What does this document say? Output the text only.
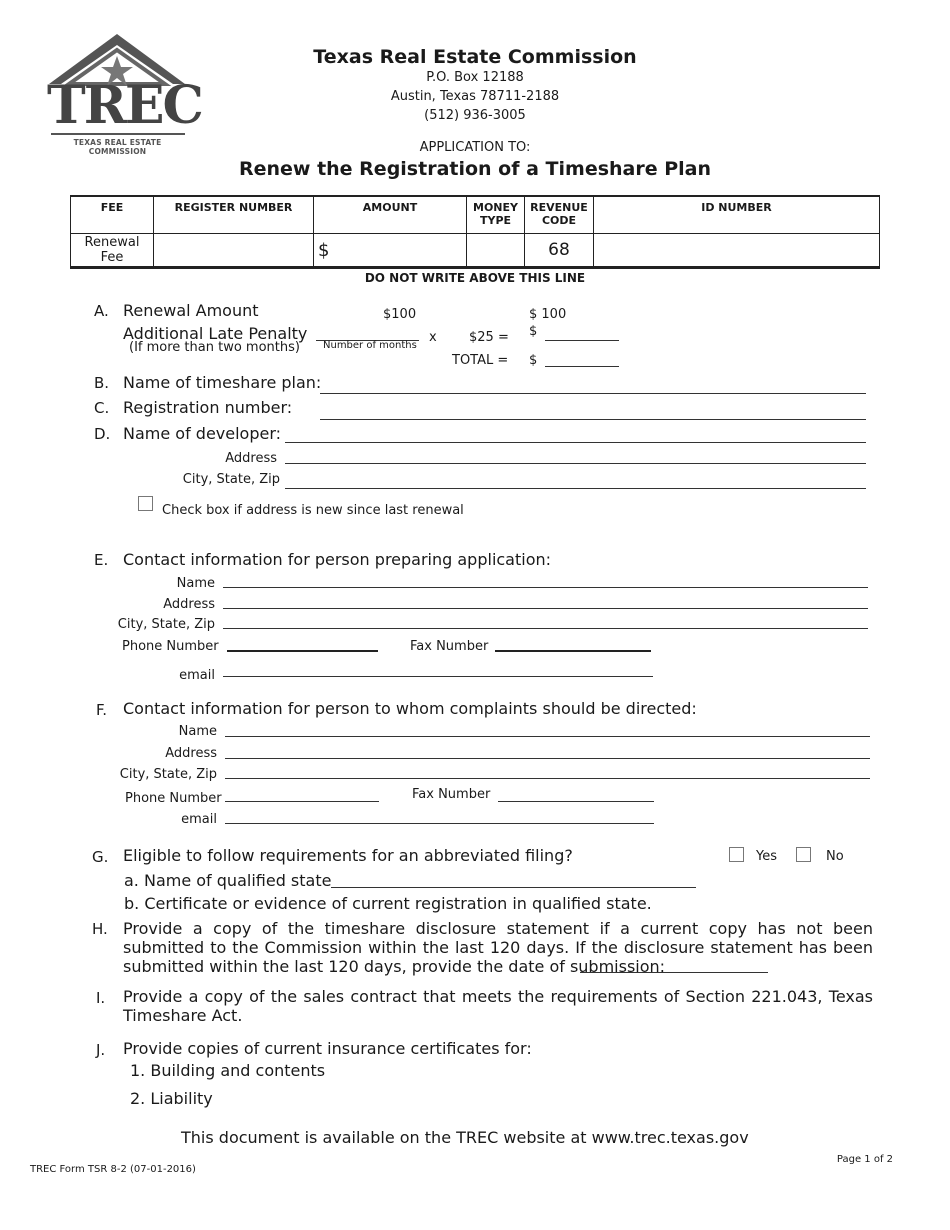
TREC
TEXAS REAL ESTATE COMMISSION
Texas Real Estate Commission
P.O. Box 12188
Austin, Texas 78711-2188
(512) 936-3005
APPLICATION TO:
Renew the Registration of a Timeshare Plan
FEE	REGISTER NUMBER	AMOUNT	MONEY TYPE	REVENUE CODE	ID NUMBER
Renewal Fee		$		68	
DO NOT WRITE ABOVE THIS LINE
A. Renewal Amount	$100	$ 100
Additional Late Penalty
(If more than two months) Number of months
x $25 = $
TOTAL = $
B. Name of timeshare plan:
C. Registration number:
D. Name of developer:
Address
City, State, Zip
Check box if address is new since last renewal
E. Contact information for person preparing application:
Name
Address
City, State, Zip
Phone Number	Fax Number
email
F. Contact information for person to whom complaints should be directed:
Name
Address
City, State, Zip
Phone Number	Fax Number
email
G. Eligible to follow requirements for an abbreviated filing?	Yes	No
a. Name of qualified state
b. Certificate or evidence of current registration in qualified state.
H. Provide a copy of the timeshare disclosure statement if a current copy has not been submitted to the Commission within the last 120 days. If the disclosure statement has been submitted within the last 120 days, provide the date of submission:
I. Provide a copy of the sales contract that meets the requirements of Section 221.043, Texas Timeshare Act.
J. Provide copies of current insurance certificates for:
1. Building and contents
2. Liability
This document is available on the TREC website at www.trec.texas.gov
Page 1 of 2
TREC Form TSR 8-2 (07-01-2016)
